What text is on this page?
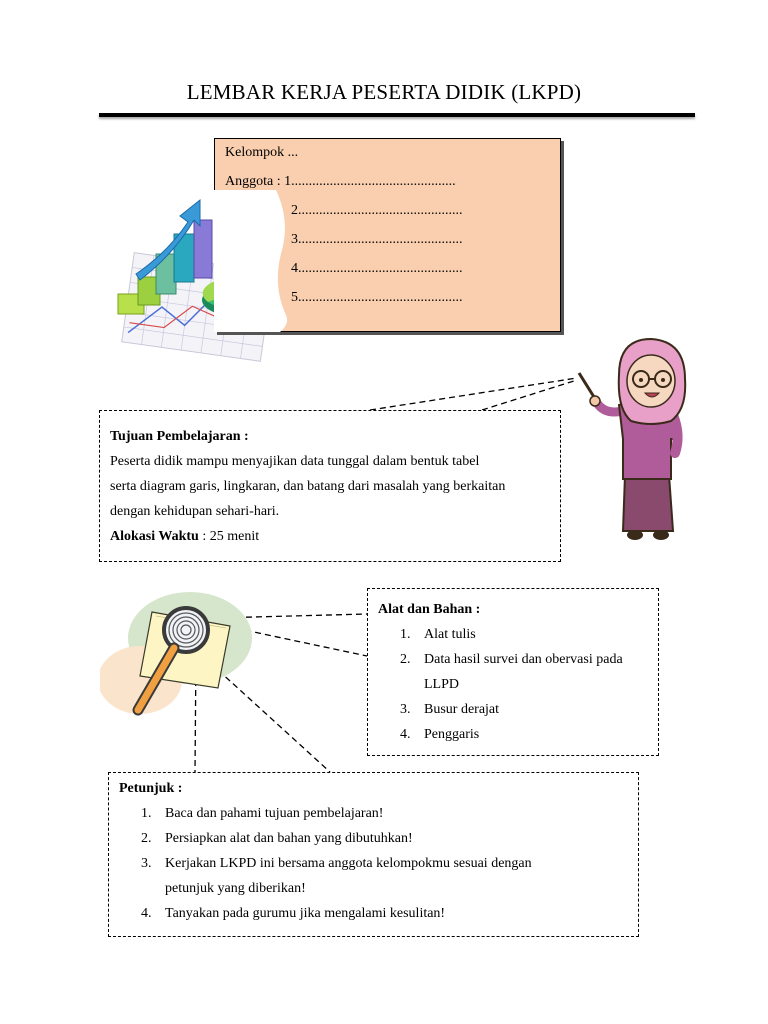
LEMBAR KERJA PESERTA DIDIK (LKPD)
Kelompok ...
Anggota : 1...............................................
2...............................................
3...............................................
4...............................................
5...............................................
Tujuan Pembelajaran :
Peserta didik mampu menyajikan data tunggal dalam bentuk tabel
serta diagram garis, lingkaran, dan batang dari masalah yang berkaitan
dengan kehidupan sehari-hari.
Alokasi Waktu : 25 menit
Alat dan Bahan :
1. Alat tulis
2. Data hasil survei dan obervasi pada
LLPD
3. Busur derajat
4. Penggaris
Petunjuk :
1. Baca dan pahami tujuan pembelajaran!
2. Persiapkan alat dan bahan yang dibutuhkan!
3. Kerjakan LKPD ini bersama anggota kelompokmu sesuai dengan
petunjuk yang diberikan!
4. Tanyakan pada gurumu jika mengalami kesulitan!
